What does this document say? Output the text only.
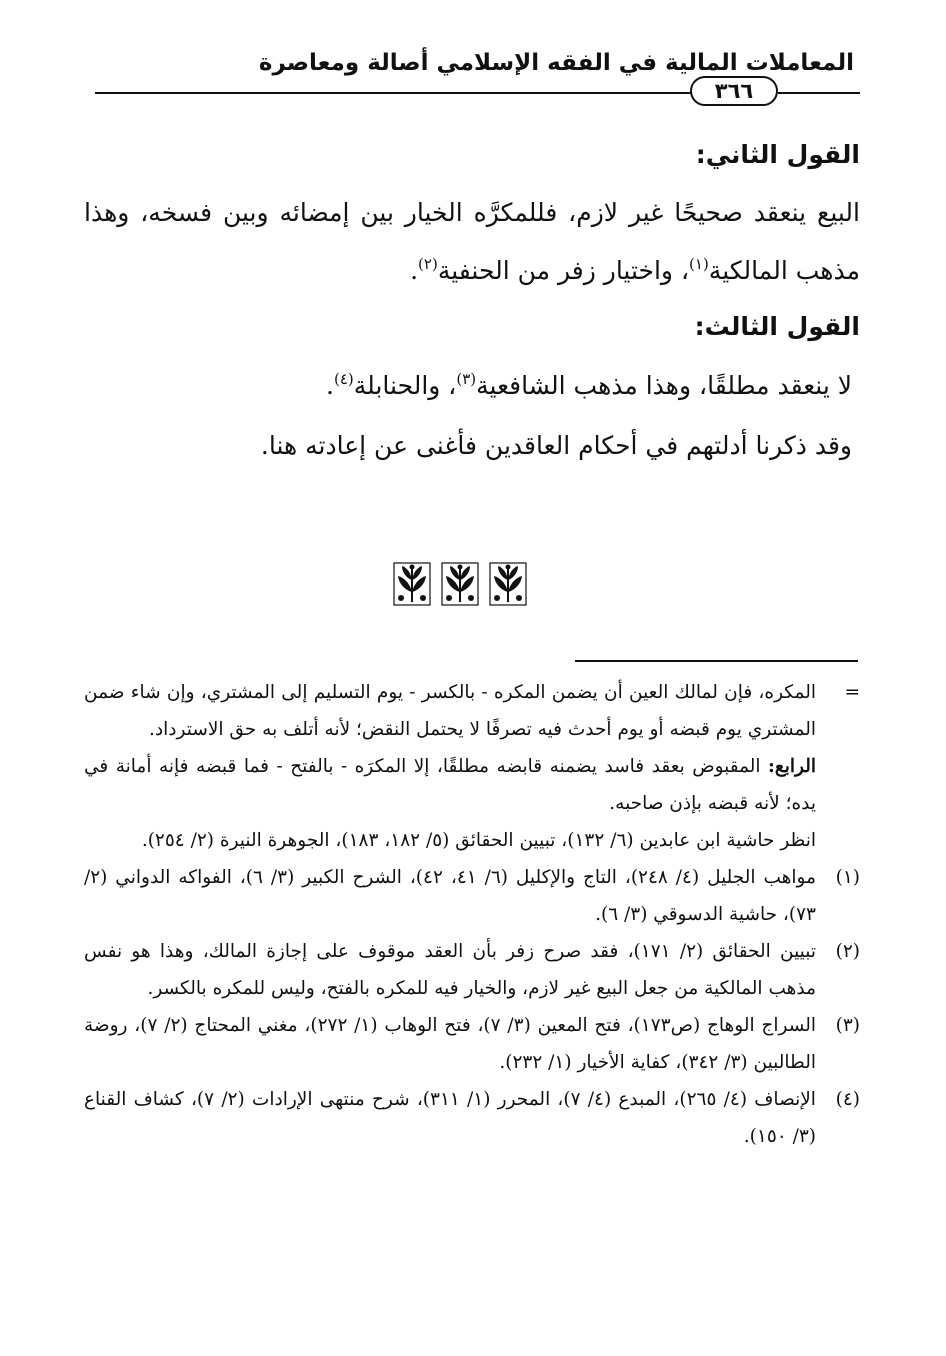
المعاملات المالية في الفقه الإسلامي أصالة ومعاصرة
٣٦٦

القول الثاني:

البيع ينعقد صحيحًا غير لازم، فللمكرَّه الخيار بين إمضائه وبين فسخه، وهذا مذهب المالكية$^{(١)}$، واختيار زفر من الحنفية$^{(٢)}$.

القول الثالث:

لا ينعقد مطلقًا، وهذا مذهب الشافعية$^{(٣)}$، والحنابلة$^{(٤)}$.

وقد ذكرنا أدلتهم في أحكام العاقدين فأغنى عن إعادته هنا.

=

المكره، فإن لمالك العين أن يضمن المكره - بالكسر - يوم التسليم إلى المشتري، وإن شاء ضمن المشتري يوم قبضه أو يوم أحدث فيه تصرفًا لا يحتمل النقض؛ لأنه أتلف به حق الاسترداد.

الرابع: المقبوض بعقد فاسد يضمنه قابضه مطلقًا، إلا المكرَه - بالفتح - فما قبضه فإنه أمانة في يده؛ لأنه قبضه بإذن صاحبه.

انظر حاشية ابن عابدين (٦/ ١٣٢)، تبيين الحقائق (٥/ ١٨٢، ١٨٣)، الجوهرة النيرة (٢/ ٢٥٤).

(١)

مواهب الجليل (٤/ ٢٤٨)، التاج والإكليل (٦/ ٤١، ٤٢)، الشرح الكبير (٣/ ٦)، الفواكه الدواني (٢/ ٧٣)، حاشية الدسوقي (٣/ ٦).

(٢)

تبيين الحقائق (٢/ ١٧١)، فقد صرح زفر بأن العقد موقوف على إجازة المالك، وهذا هو نفس مذهب المالكية من جعل البيع غير لازم، والخيار فيه للمكره بالفتح، وليس للمكره بالكسر.

(٣)

السراج الوهاج (ص١٧٣)، فتح المعين (٣/ ٧)، فتح الوهاب (١/ ٢٧٢)، مغني المحتاج (٢/ ٧)، روضة الطالبين (٣/ ٣٤٢)، كفاية الأخيار (١/ ٢٣٢).

(٤)

الإنصاف (٤/ ٢٦٥)، المبدع (٤/ ٧)، المحرر (١/ ٣١١)، شرح منتهى الإرادات (٢/ ٧)، كشاف القناع (٣/ ١٥٠).
